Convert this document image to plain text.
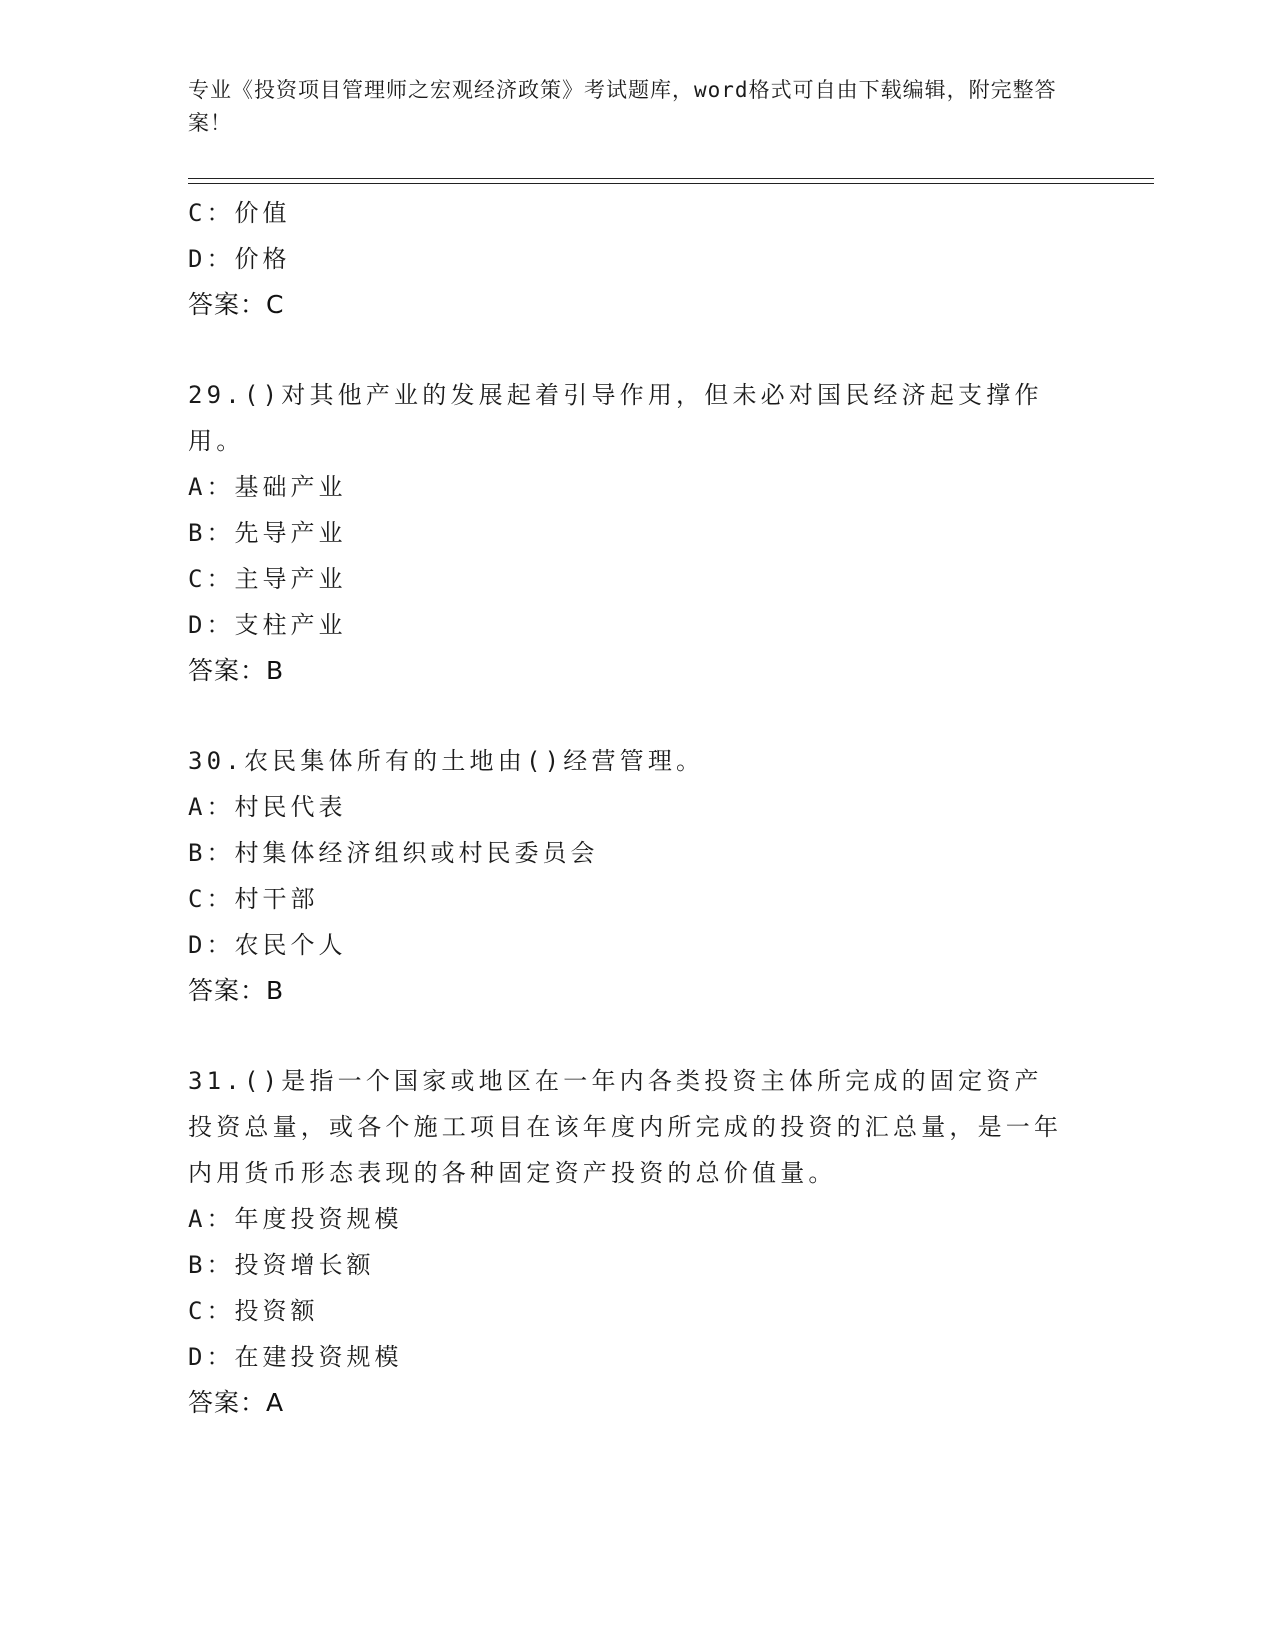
专业《投资项目管理师之宏观经济政策》考试题库，word格式可自由下载编辑，附完整答案！
C：价值
D：价格
答案：C

29.()对其他产业的发展起着引导作用，但未必对国民经济起支撑作用。

A：基础产业
B：先导产业
C：主导产业
D：支柱产业
答案：B

30.农民集体所有的土地由()经营管理。

A：村民代表
B：村集体经济组织或村民委员会
C：村干部
D：农民个人
答案：B

31.()是指一个国家或地区在一年内各类投资主体所完成的固定资产投资总量，或各个施工项目在该年度内所完成的投资的汇总量，是一年内用货币形态表现的各种固定资产投资的总价值量。

A：年度投资规模
B：投资增长额
C：投资额
D：在建投资规模
答案：A
